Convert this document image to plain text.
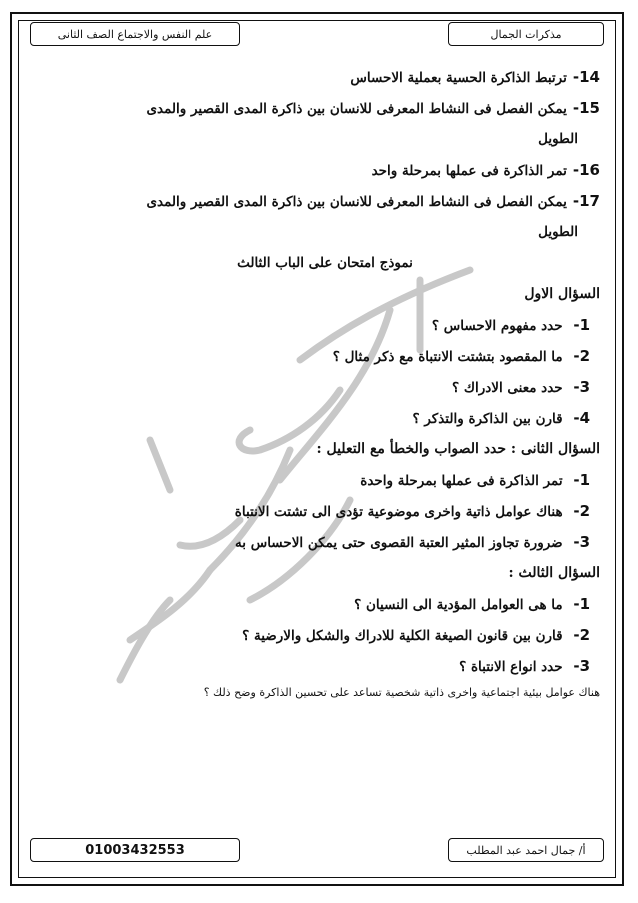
علم النفس والاجتماع الصف الثانى	مذكرات الجمال
14-ترتبط الذاكرة الحسية بعملية الاحساس
15-يمكن الفصل فى النشاط المعرفى للانسان بين ذاكرة المدى القصير والمدى
الطويل
16-تمر الذاكرة فى عملها بمرحلة واحد
17-يمكن الفصل فى النشاط المعرفى للانسان بين ذاكرة المدى القصير والمدى
الطويل
نموذج امتحان على الباب الثالث
السؤال الاول
1- حدد مفهوم الاحساس ؟
2- ما المقصود بتشتت الانتباة مع ذكر مثال ؟
3- حدد معنى الادراك ؟
4- قارن بين الذاكرة والتذكر ؟
السؤال الثانى : حدد الصواب والخطأ مع التعليل :
1- تمر الذاكرة فى عملها بمرحلة واحدة
2- هناك عوامل ذاتية واخرى موضوعية تؤدى الى تشتت الانتباة
3- ضرورة تجاوز المثير العتبة القصوى حتى يمكن الاحساس به
السؤال الثالث :
1- ما هى العوامل المؤدية الى النسيان ؟
2- قارن بين قانون الصيغة الكلية للادراك والشكل والارضية ؟
3- حدد انواع الانتباة ؟
هناك عوامل بيئية اجتماعية واخرى ذاتية شخصية تساعد على تحسين الذاكرة وضح ذلك ؟
01003432553	أ/ جمال احمد عبد المطلب
